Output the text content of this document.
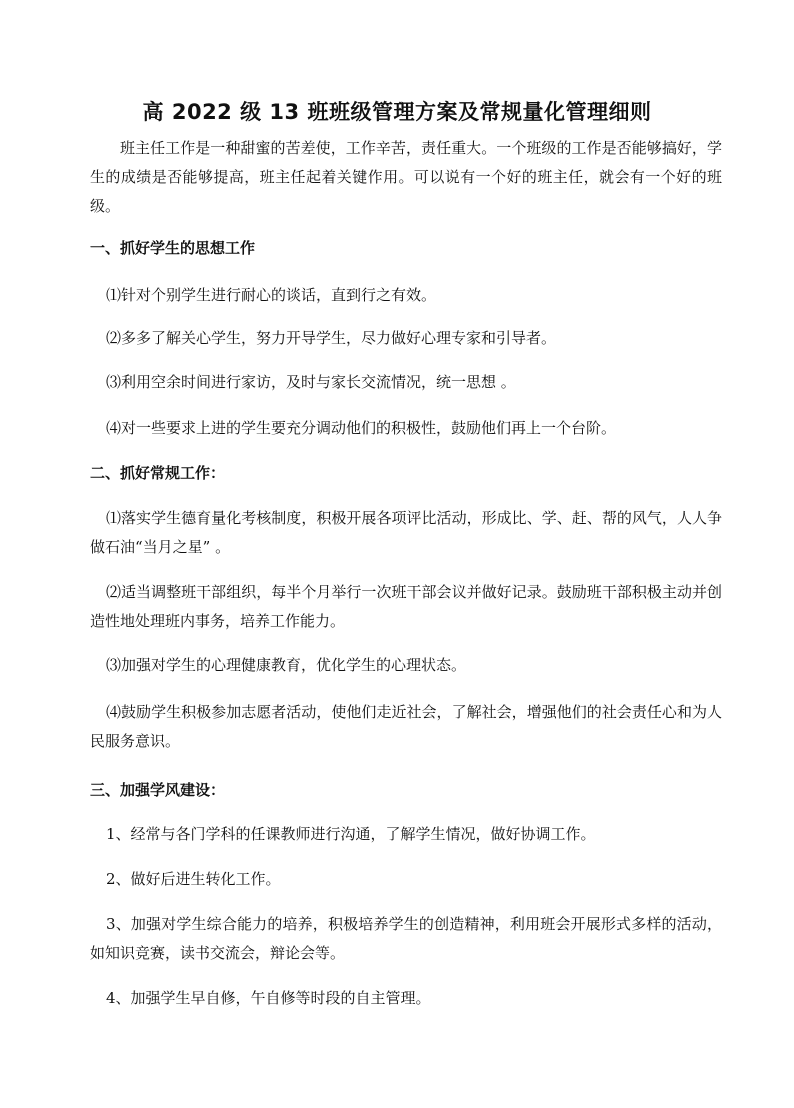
高 2022 级 13 班班级管理方案及常规量化管理细则

班主任工作是一种甜蜜的苦差使，工作辛苦，责任重大。一个班级的工作是否能够搞好，学生的成绩是否能够提高，班主任起着关键作用。可以说有一个好的班主任，就会有一个好的班级。

一、抓好学生的思想工作

⑴针对个别学生进行耐心的谈话，直到行之有效。

⑵多多了解关心学生，努力开导学生，尽力做好心理专家和引导者。

⑶利用空余时间进行家访，及时与家长交流情况，统一思想 。

⑷对一些要求上进的学生要充分调动他们的积极性，鼓励他们再上一个台阶。

二、抓好常规工作：

⑴落实学生德育量化考核制度，积极开展各项评比活动，形成比、学、赶、帮的风气，人人争做石油“当月之星” 。

⑵适当调整班干部组织，每半个月举行一次班干部会议并做好记录。鼓励班干部积极主动并创造性地处理班内事务，培养工作能力。

⑶加强对学生的心理健康教育，优化学生的心理状态。

⑷鼓励学生积极参加志愿者活动，使他们走近社会，了解社会，增强他们的社会责任心和为人民服务意识。

三、加强学风建设：

1、经常与各门学科的任课教师进行沟通，了解学生情况，做好协调工作。

2、做好后进生转化工作。

3、加强对学生综合能力的培养，积极培养学生的创造精神，利用班会开展形式多样的活动，如知识竞赛，读书交流会，辩论会等。

4、加强学生早自修，午自修等时段的自主管理。
